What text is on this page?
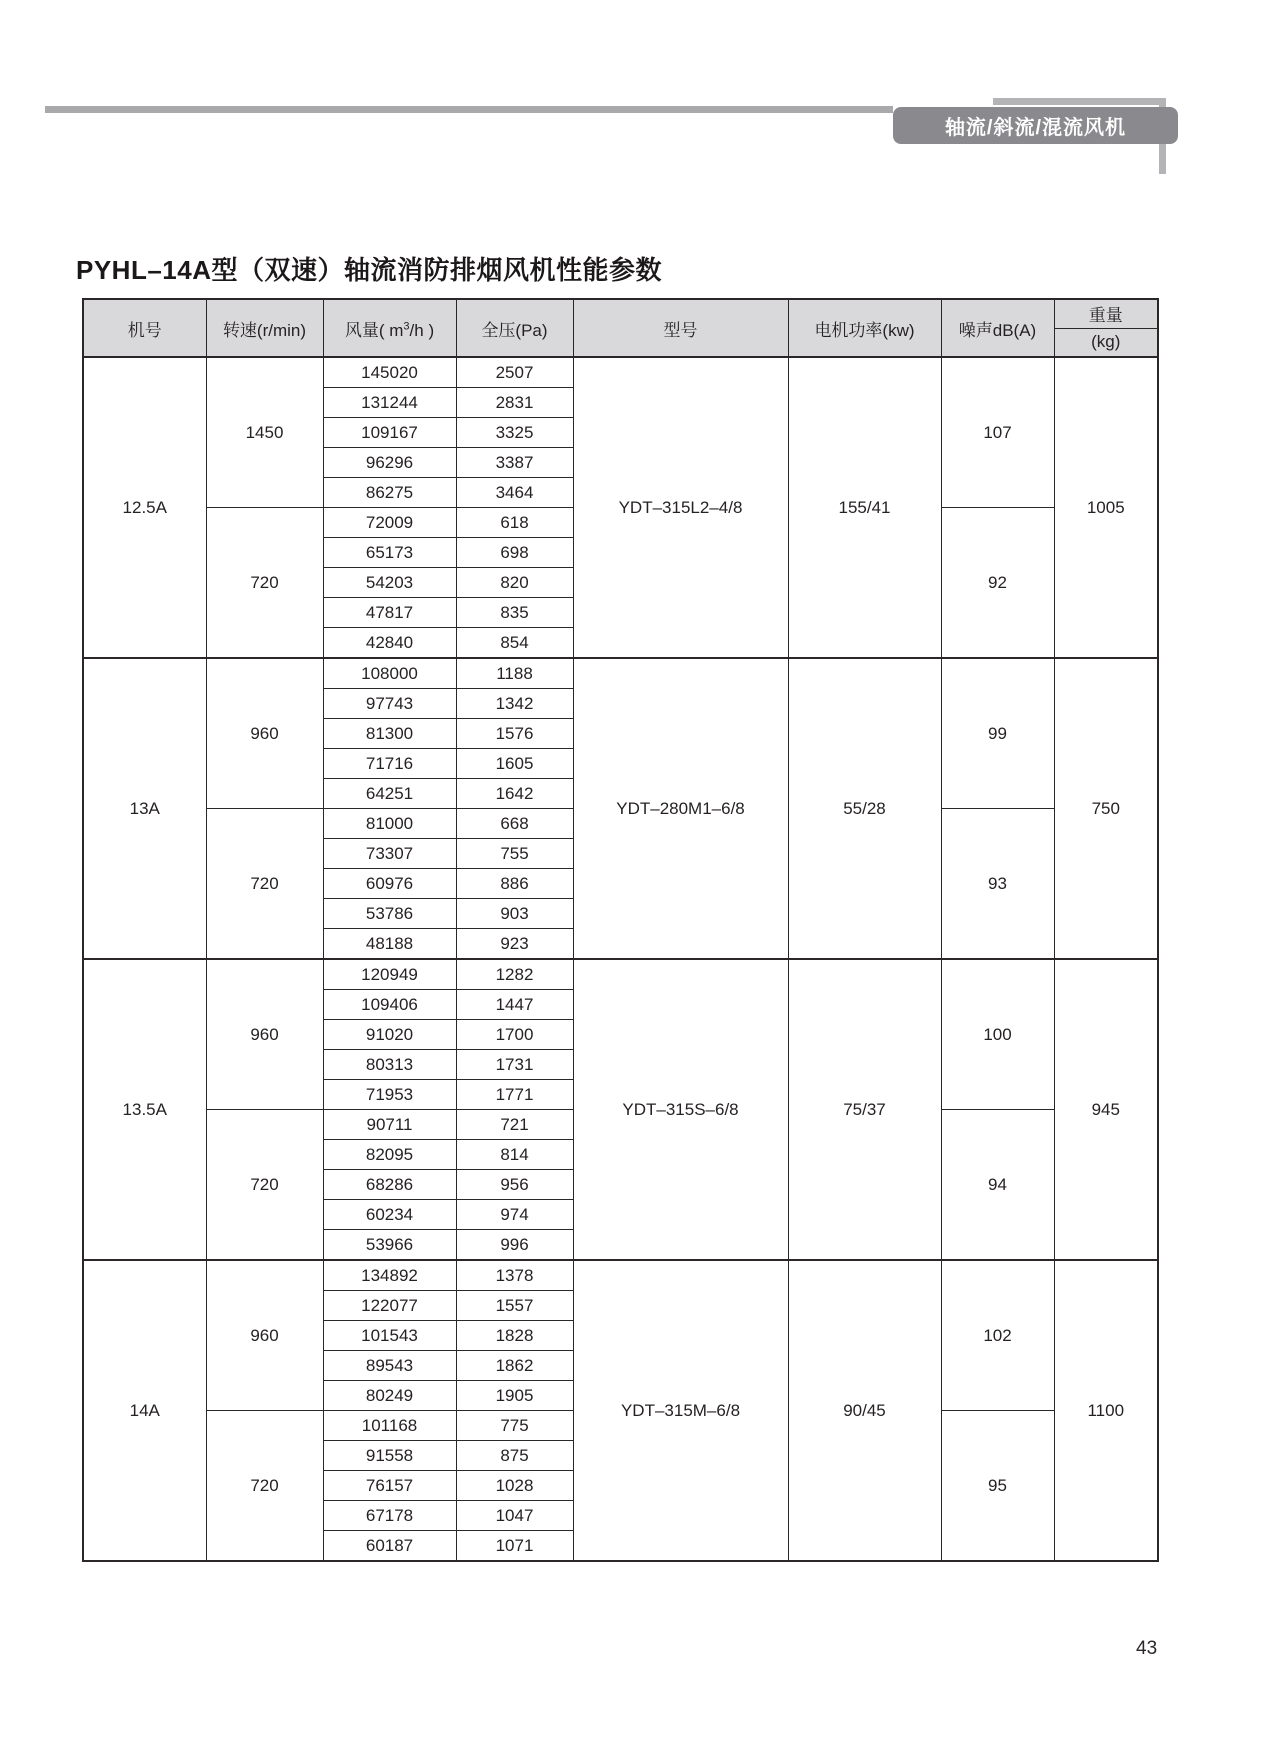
轴流/斜流/混流风机
PYHL–14A型（双速）轴流消防排烟风机性能参数
机号	转速(r/min)	风量( $m^3/h$ )	全压(Pa)	型号	电机功率(kw)	噪声dB(A)	重量
(kg)

12.5A	1450	145020	2507	YDT–315L2–4/8	155/41	107	1005
		131244	2831				
		109167	3325				
		96296	3387				
		86275	3464				
	720	72009	618			92	
		65173	698				
		54203	820				
		47817	835				
		42840	854				
13A	960	108000	1188	YDT–280M1–6/8	55/28	99	750
		97743	1342				
		81300	1576				
		71716	1605				
		64251	1642				
	720	81000	668			93	
		73307	755				
		60976	886				
		53786	903				
		48188	923				
13.5A	960	120949	1282	YDT–315S–6/8	75/37	100	945
		109406	1447				
		91020	1700				
		80313	1731				
		71953	1771				
	720	90711	721			94	
		82095	814				
		68286	956				
		60234	974				
		53966	996				
14A	960	134892	1378	YDT–315M–6/8	90/45	102	1100
		122077	1557				
		101543	1828				
		89543	1862				
		80249	1905				
	720	101168	775			95	
		91558	875				
		76157	1028				
		67178	1047				
		60187	1071				
43
